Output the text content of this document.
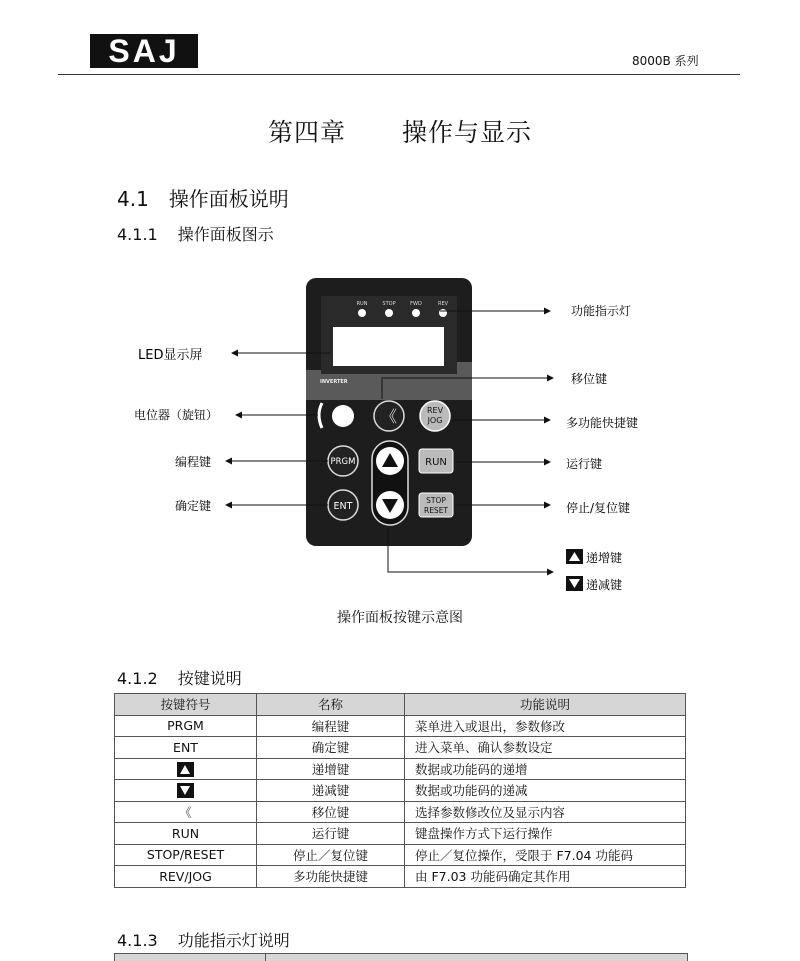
SAJ	8000B 系列
第四章 操作与显示
4.1 操作面板说明
4.1.1 操作面板图示
RUN	STOP	FWD	REV
INVERTER
《	REV
JOG
PRGM	RUN
ENT
STOP
RESET
LED显示屏
电位器（旋钮）
编程键
确定键
功能指示灯
移位键
多功能快捷键
运行键
停止/复位键
递增键
递减键
操作面板按键示意图
4.1.2 按键说明
按键符号	名称	功能说明
PRGM	编程键	菜单进入或退出，参数修改
ENT	确定键	进入菜单、确认参数设定
	递增键	数据或功能码的递增
	递减键	数据或功能码的递减
《	移位键	选择参数修改位及显示内容
RUN	运行键	键盘操作方式下运行操作
STOP/RESET	停止／复位键	停止／复位操作，受限于 F7.04 功能码
REV/JOG	多功能快捷键	由 F7.03 功能码确定其作用
4.1.3 功能指示灯说明
